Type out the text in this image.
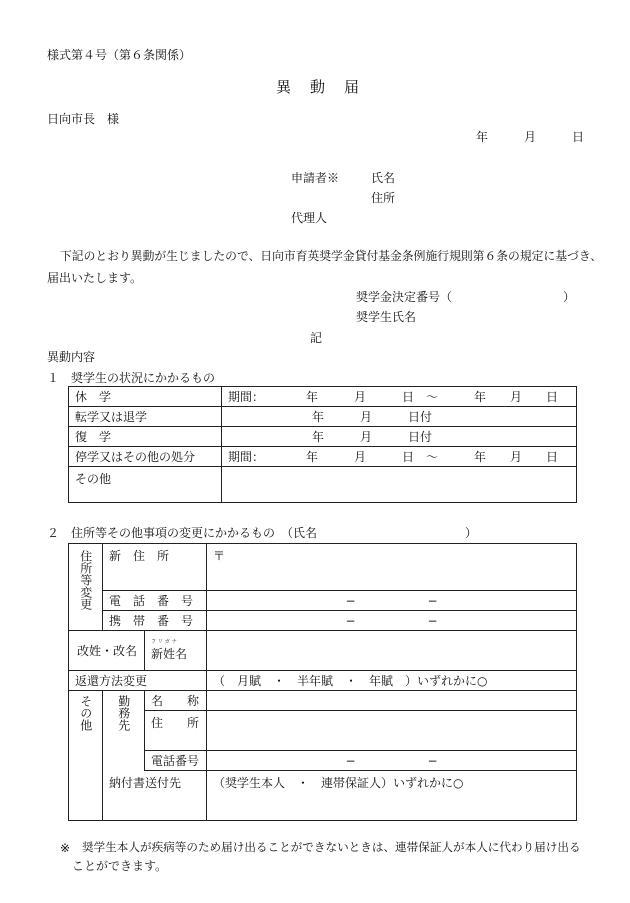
様式第４号（第６条関係）
異　動　届
日向市長　様
年　　　月　　　日
申請者※	氏名
住所
代理人
下記のとおり異動が生じましたので、日向市育英奨学金貸付基金条例施行規則第６条の規定に基づき、
届出いたします。
奨学金決定番号（	）
奨学生氏名
記
異動内容
１　奨学生の状況にかかるもの
休　学	期間：　　　　年　　　月　　　日　〜　　　年　　月　　日
転学又は退学	　　　　　　　年　　　月　　　日付
復　学	　　　　　　　年　　　月　　　日付
停学又はその他の処分	期間：　　　　年　　　月　　　日　〜　　　年　　月　　日
その他	
２　住所等その他事項の変更にかかるもの　（氏名	）
住所等変更	新　住　所		〒
	電　話　番　号		−　　　　　　−
	携　帯　番　号		−　　　　　　−
改姓・改名		フリガナ
新姓名	
返還方法変更			（　月賦　・　半年賦　・　年賦　）いずれかに○

その他	勤務先	名　　称	
		住　　所	
		電話番号	−　　　　　　−
	納付書送付先		（奨学生本人　・　連帯保証人）いずれかに○
※ 奨学生本人が疾病等のため届け出ることができないときは、連帯保証人が本人に代わり届け出る
ことができます。
